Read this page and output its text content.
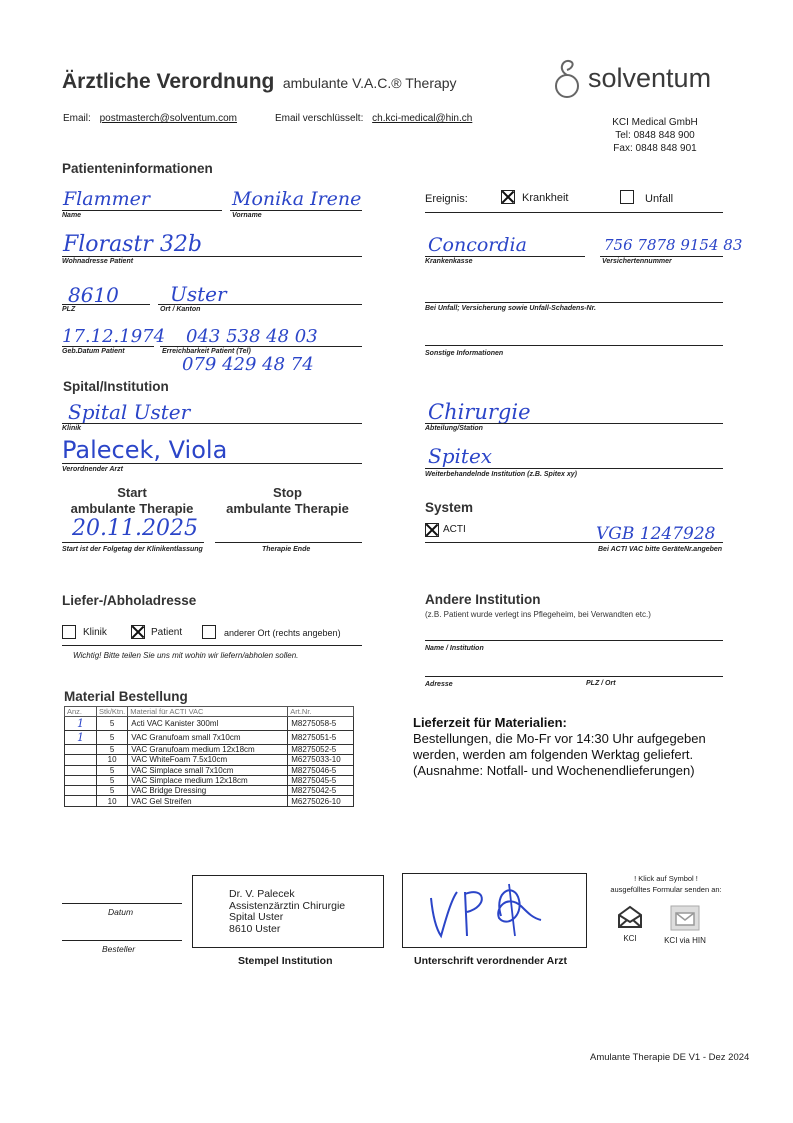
Ärztliche Verordnung ambulante V.A.C.® Therapy	solventum
Email: postmasterch@solventum.com	Email verschlüsselt: ch.kci-medical@hin.ch	KCI Medical GmbH
Tel: 0848 848 900
Fax: 0848 848 901
Patienteninformationen
Flammer
Name
Monika Irene
Vorname
Florastr 32b
Wohnadresse Patient
8610
PLZ
Uster
Ort / Kanton
17.12.1974
Geb.Datum Patient
043 538 48 03
Erreichbarkeit Patient (Tel)
079 429 48 74
Ereignis:	Krankheit	Unfall
Concordia
Krankenkasse
756 7878 9154 83
Versichertennummer
Bei Unfall; Versicherung sowie Unfall-Schadens-Nr.
Sonstige Informationen
Spital/Institution
Spital Uster
Klinik
Palecek, Viola
Verordnender Arzt
Chirurgie
Abteilung/Station
Spitex
Weiterbehandelnde Institution (z.B. Spitex xy)
Start
ambulante Therapie
Stop
ambulante Therapie
20.11.2025
Start ist der Folgetag der Klinikentlassung	Therapie Ende
System
ACTI	VGB 1247928
Bei ACTI VAC bitte GeräteNr.angeben
Liefer-/Abholadresse
Klinik	Patient	anderer Ort (rechts angeben)
Wichtig! Bitte teilen Sie uns mit wohin wir liefern/abholen sollen.
Andere Institution
(z.B. Patient wurde verlegt ins Pflegeheim, bei Verwandten etc.)
Name / Institution
Adresse	PLZ / Ort
Material Bestellung
Anz.	Stk/Ktn.	Material für ACTI VAC	Art.Nr.
1	5	Acti VAC Kanister 300ml	M8275058-5
1	5	VAC Granufoam small 7x10cm	M8275051-5
	5	VAC Granufoam medium 12x18cm	M8275052-5
	10	VAC WhiteFoam 7.5x10cm	M6275033-10
	5	VAC Simplace small 7x10cm	M8275046-5
	5	VAC Simplace medium 12x18cm	M8275045-5
	5	VAC Bridge Dressing	M8275042-5
	10	VAC Gel Streifen	M6275026-10
Lieferzeit für Materialien:
Bestellungen, die Mo-Fr vor 14:30 Uhr aufgegeben
werden, werden am folgenden Werktag geliefert.
(Ausnahme: Notfall- und Wochenendlieferungen)
Datum
Besteller
Dr. V. Palecek
Assistenzärztin Chirurgie
Spital Uster
8610 Uster
Stempel Institution	Unterschrift verordnender Arzt
! Klick auf Symbol !
ausgefülltes Formular senden an:
KCI	KCI via HIN
Amulante Therapie DE V1 - Dez 2024
